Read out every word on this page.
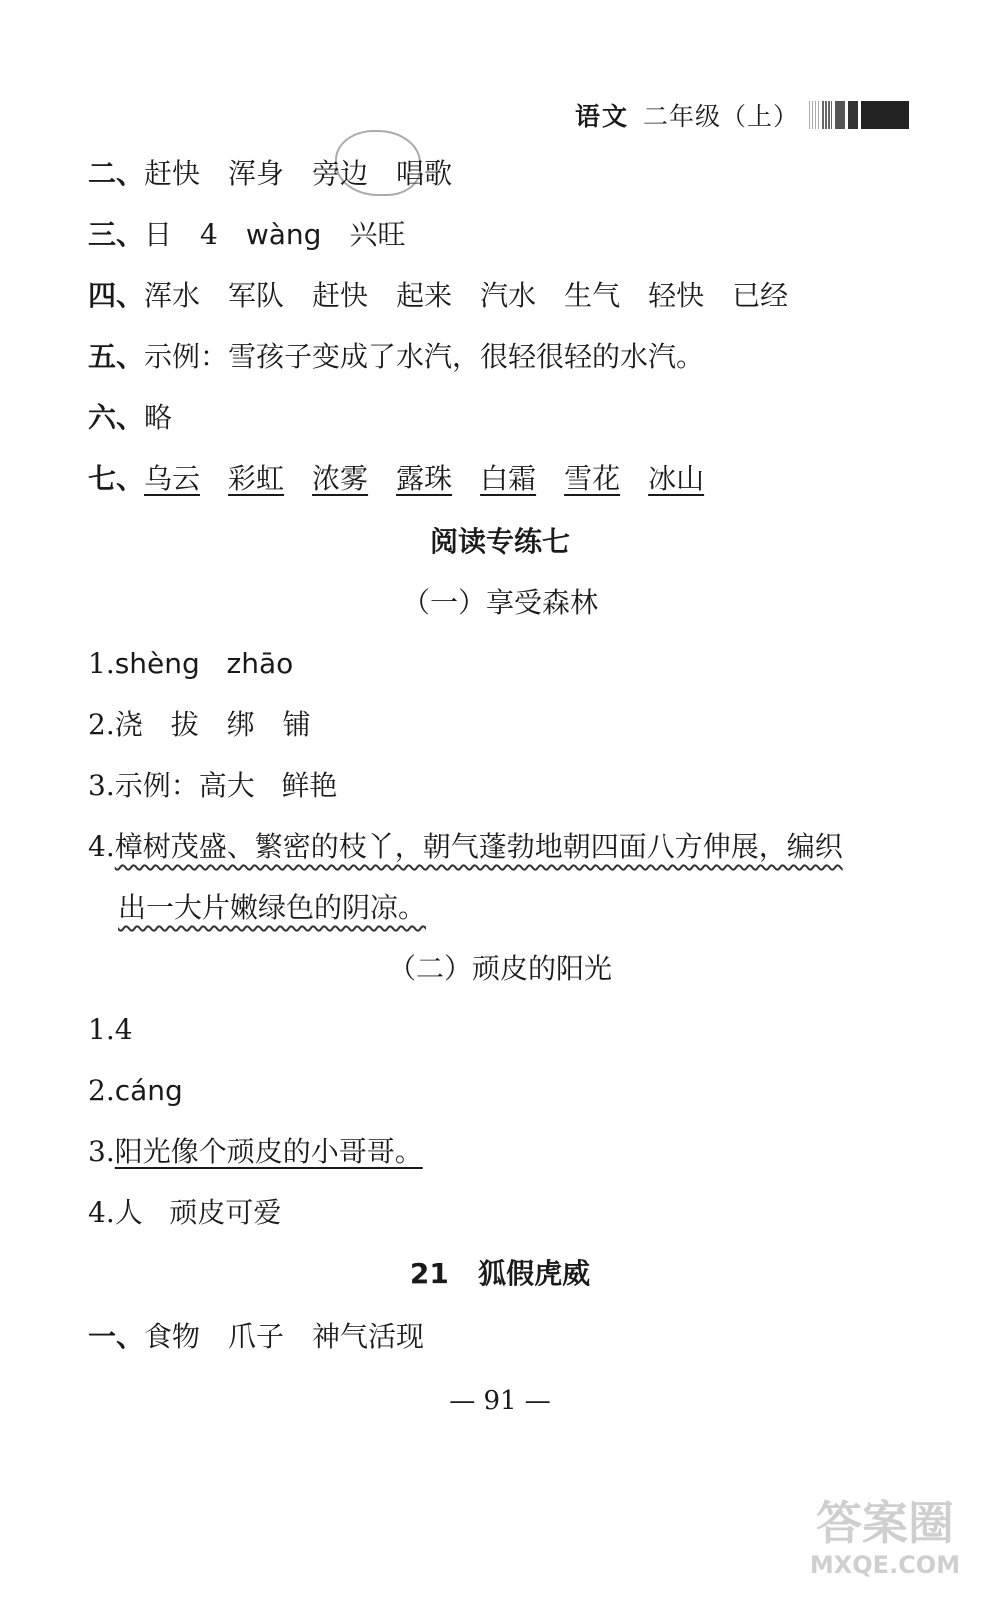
语文 二年级（上）
二、赶快 浑身 旁边 唱歌
三、日 4 wàng 兴旺
四、浑水 军队 赶快 起来 汽水 生气 轻快 已经
五、示例：雪孩子变成了水汽，很轻很轻的水汽。
六、略
七、乌云 彩虹 浓雾 露珠 白霜 雪花 冰山
阅读专练七
（一）享受森林
1.shèng   zhāo
2.浇 拔 绑 铺
3.示例：高大   鲜艳
4.樟树茂盛、繁密的枝丫，朝气蓬勃地朝四面八方伸展，编织
出一大片嫩绿色的阴凉。
（二）顽皮的阳光
1.4
2.cáng
3.阳光像个顽皮的小哥哥。
4.人   顽皮可爱
21   狐假虎威
一、食物 爪子 神气活现
— 91 —
答案圈
MXQE.COM
